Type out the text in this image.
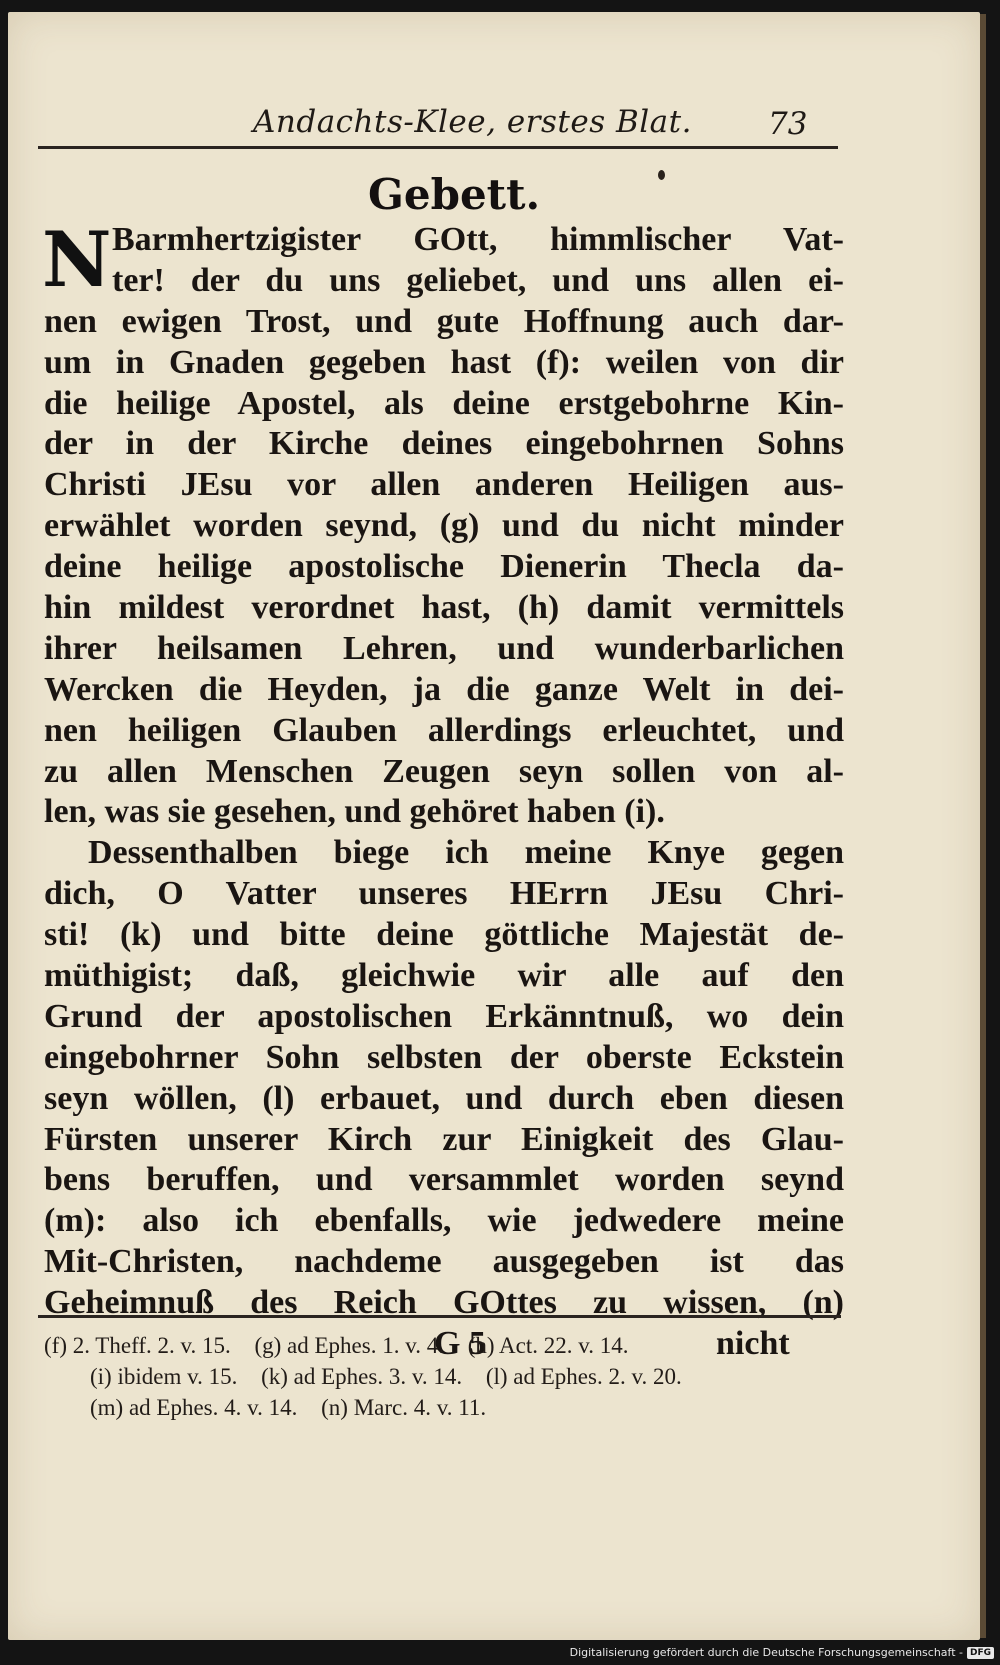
Andachts-Klee, erstes Blat. 73
Gebett.
N Barmhertzigister GOtt, himmlischer Vat-
ter! der du uns geliebet, und uns allen ei-
nen ewigen Trost, und gute Hoffnung auch dar-
um in Gnaden gegeben hast (f): weilen von dir
die heilige Apostel, als deine erstgebohrne Kin-
der in der Kirche deines eingebohrnen Sohns
Christi JEsu vor allen anderen Heiligen aus-
erwählet worden seynd, (g) und du nicht minder
deine heilige apostolische Dienerin Thecla da-
hin mildest verordnet hast, (h) damit vermittels
ihrer heilsamen Lehren, und wunderbarlichen
Wercken die Heyden, ja die ganze Welt in dei-
nen heiligen Glauben allerdings erleuchtet, und
zu allen Menschen Zeugen seyn sollen von al-
len, was sie gesehen, und gehöret haben (i).
Dessenthalben biege ich meine Knye gegen
dich, O Vatter unseres HErrn JEsu Chri-
sti! (k) und bitte deine göttliche Majestät de-
müthigist; daß, gleichwie wir alle auf den
Grund der apostolischen Erkänntnuß, wo dein
eingebohrner Sohn selbsten der oberste Eckstein
seyn wöllen, (l) erbauet, und durch eben diesen
Fürsten unserer Kirch zur Einigkeit des Glau-
bens beruffen, und versammlet worden seynd
(m): also ich ebenfalls, wie jedwedere meine
Mit-Christen, nachdeme ausgegeben ist das
Geheimnuß des Reich GOttes zu wissen, (n)
G 5	nicht
(f) 2. Theff. 2. v. 15. (g) ad Ephes. 1. v. 4. (h) Act. 22. v. 14.
(i) ibidem v. 15. (k) ad Ephes. 3. v. 14. (l) ad Ephes. 2. v. 20.
(m) ad Ephes. 4. v. 14. (n) Marc. 4. v. 11.
Digitalisierung gefördert durch die Deutsche Forschungsgemeinschaft - DFG
